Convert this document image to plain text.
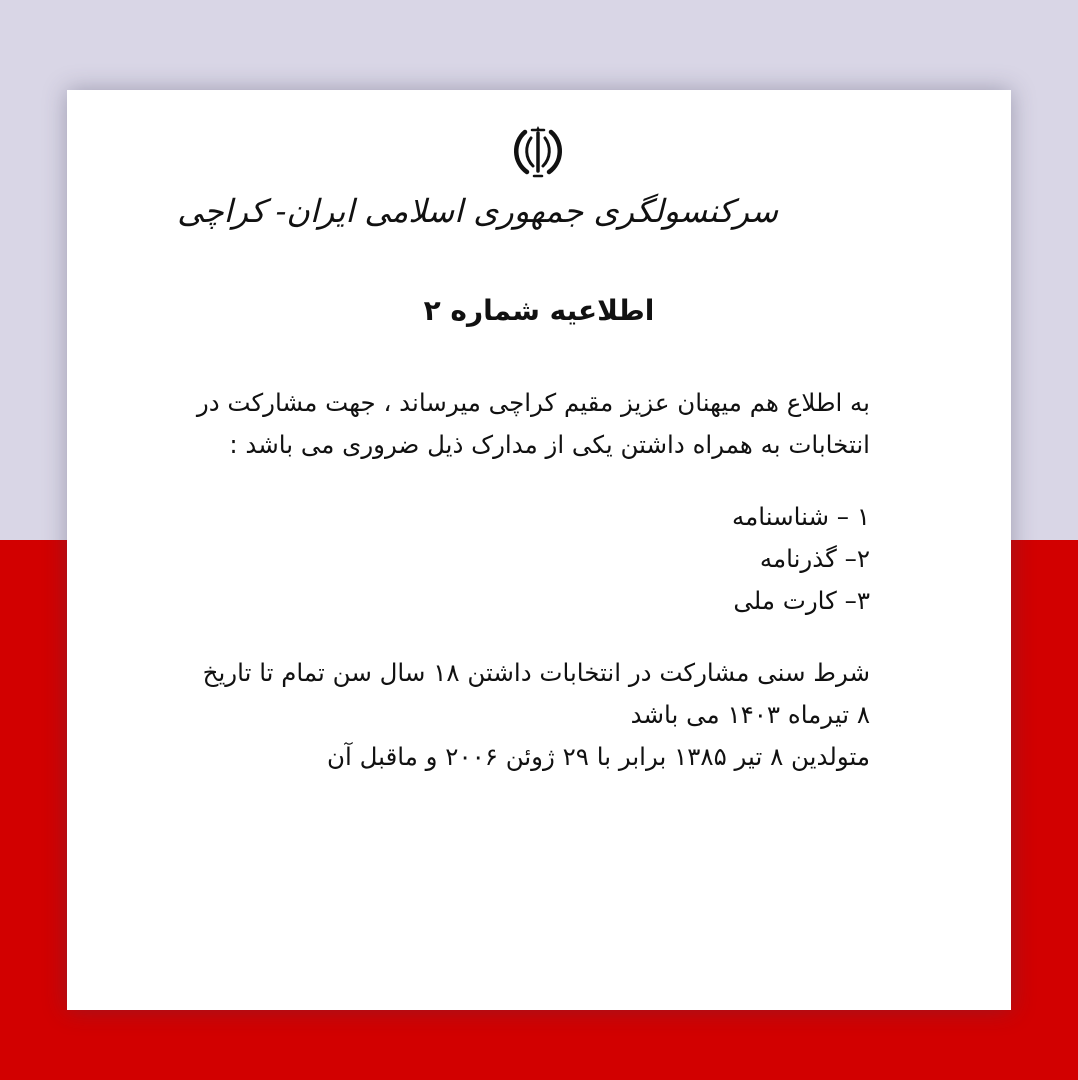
سرکنسولگری جمهوری اسلامی ایران- کراچی
اطلاعیه شماره ۲

به اطلاع هم میهنان عزیز مقیم کراچی میرساند ، جهت مشارکت در انتخابات به همراه داشتن یکی از مدارک ذیل ضروری می باشد :

۱ – شناسنامه
۲– گذرنامه
۳– کارت ملی

شرط سنی مشارکت در انتخابات داشتن ۱۸ سال سن تمام تا تاریخ ۸ تیرماه ۱۴۰۳ می باشد

متولدین ۸ تیر ۱۳۸۵ برابر با ۲۹ ژوئن ۲۰۰۶ و ماقبل آن
